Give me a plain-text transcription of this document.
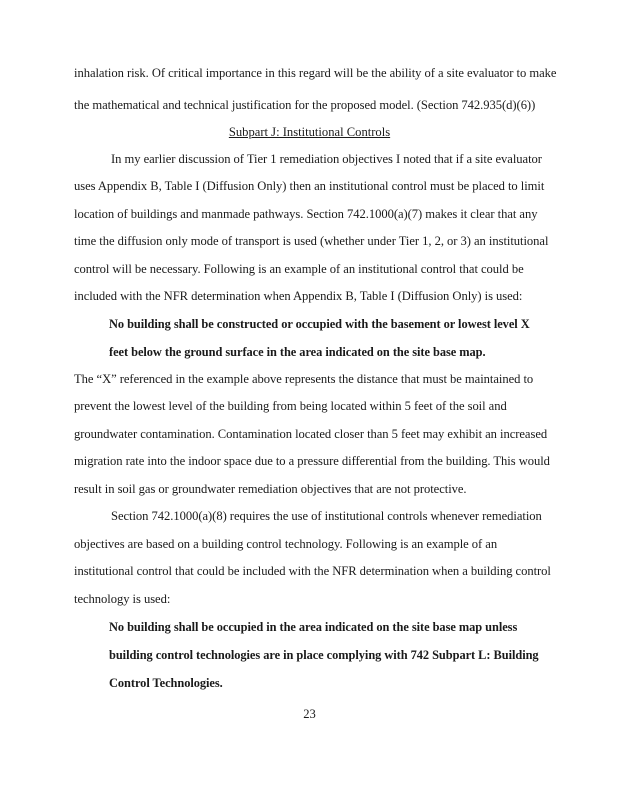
inhalation risk. Of critical importance in this regard will be the ability of a site evaluator to make
the mathematical and technical justification for the proposed model. (Section 742.935(d)(6))
Subpart J: Institutional Controls
In my earlier discussion of Tier 1 remediation objectives I noted that if a site evaluator
uses Appendix B, Table I (Diffusion Only) then an institutional control must be placed to limit
location of buildings and manmade pathways. Section 742.1000(a)(7) makes it clear that any
time the diffusion only mode of transport is used (whether under Tier 1, 2, or 3) an institutional
control will be necessary. Following is an example of an institutional control that could be
included with the NFR determination when Appendix B, Table I (Diffusion Only) is used:
No building shall be constructed or occupied with the basement or lowest level X
feet below the ground surface in the area indicated on the site base map.
The “X” referenced in the example above represents the distance that must be maintained to
prevent the lowest level of the building from being located within 5 feet of the soil and
groundwater contamination. Contamination located closer than 5 feet may exhibit an increased
migration rate into the indoor space due to a pressure differential from the building. This would
result in soil gas or groundwater remediation objectives that are not protective.
Section 742.1000(a)(8) requires the use of institutional controls whenever remediation
objectives are based on a building control technology. Following is an example of an
institutional control that could be included with the NFR determination when a building control
technology is used:
No building shall be occupied in the area indicated on the site base map unless
building control technologies are in place complying with 742 Subpart L: Building
Control Technologies.
23
